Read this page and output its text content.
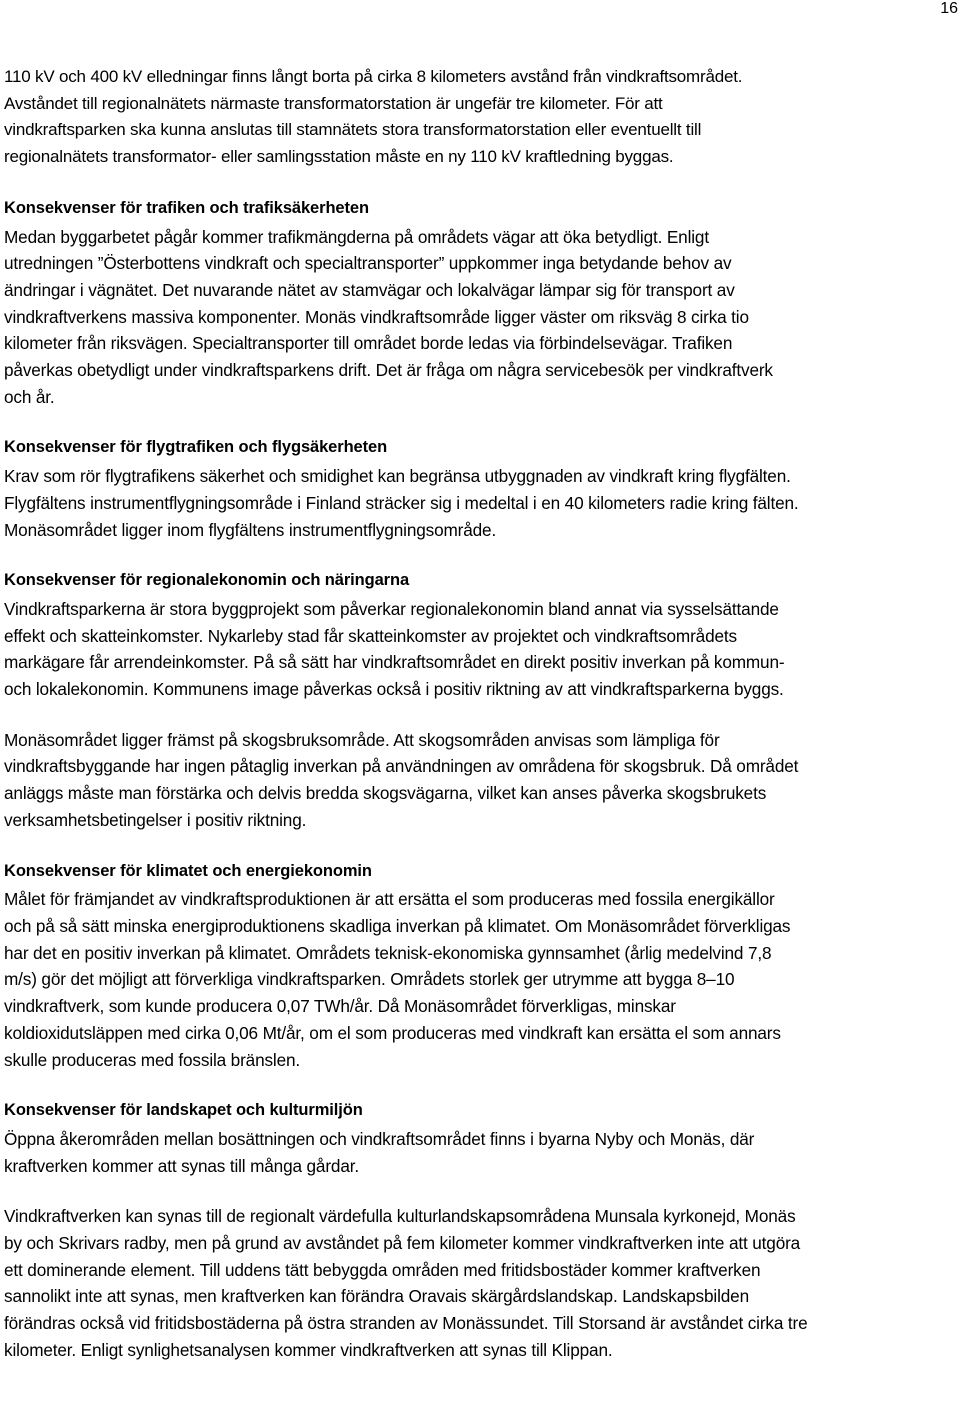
16

110 kV och 400 kV elledningar finns långt borta på cirka 8 kilometers avstånd från vindkraftsområdet.
Avståndet till regionalnätets närmaste transformatorstation är ungefär tre kilometer. För att
vindkraftsparken ska kunna anslutas till stamnätets stora transformatorstation eller eventuellt till
regionalnätets transformator- eller samlingsstation måste en ny 110 kV kraftledning byggas.

Konsekvenser för trafiken och trafiksäkerheten

Medan byggarbetet pågår kommer trafikmängderna på områdets vägar att öka betydligt. Enligt
utredningen ”Österbottens vindkraft och specialtransporter” uppkommer inga betydande behov av
ändringar i vägnätet. Det nuvarande nätet av stamvägar och lokalvägar lämpar sig för transport av
vindkraftverkens massiva komponenter. Monäs vindkraftsområde ligger väster om riksväg 8 cirka tio
kilometer från riksvägen. Specialtransporter till området borde ledas via förbindelsevägar. Trafiken
påverkas obetydligt under vindkraftsparkens drift. Det är fråga om några servicebesök per vindkraftverk
och år.

Konsekvenser för flygtrafiken och flygsäkerheten

Krav som rör flygtrafikens säkerhet och smidighet kan begränsa utbyggnaden av vindkraft kring flygfälten.
Flygfältens instrumentflygningsområde i Finland sträcker sig i medeltal i en 40 kilometers radie kring fälten.
Monäsområdet ligger inom flygfältens instrumentflygningsområde.

Konsekvenser för regionalekonomin och näringarna

Vindkraftsparkerna är stora byggprojekt som påverkar regionalekonomin bland annat via sysselsättande
effekt och skatteinkomster. Nykarleby stad får skatteinkomster av projektet och vindkraftsområdets
markägare får arrendeinkomster. På så sätt har vindkraftsområdet en direkt positiv inverkan på kommun-
och lokalekonomin. Kommunens image påverkas också i positiv riktning av att vindkraftsparkerna byggs.

Monäsområdet ligger främst på skogsbruksområde. Att skogsområden anvisas som lämpliga för
vindkraftsbyggande har ingen påtaglig inverkan på användningen av områdena för skogsbruk. Då området
anläggs måste man förstärka och delvis bredda skogsvägarna, vilket kan anses påverka skogsbrukets
verksamhetsbetingelser i positiv riktning.

Konsekvenser för klimatet och energiekonomin

Målet för främjandet av vindkraftsproduktionen är att ersätta el som produceras med fossila energikällor
och på så sätt minska energiproduktionens skadliga inverkan på klimatet. Om Monäsområdet förverkligas
har det en positiv inverkan på klimatet. Områdets teknisk-ekonomiska gynnsamhet (årlig medelvind 7,8
m/s) gör det möjligt att förverkliga vindkraftsparken. Områdets storlek ger utrymme att bygga 8–10
vindkraftverk, som kunde producera 0,07 TWh/år. Då Monäsområdet förverkligas, minskar
koldioxidutsläppen med cirka 0,06 Mt/år, om el som produceras med vindkraft kan ersätta el som annars
skulle produceras med fossila bränslen.

Konsekvenser för landskapet och kulturmiljön

Öppna åkerområden mellan bosättningen och vindkraftsområdet finns i byarna Nyby och Monäs, där
kraftverken kommer att synas till många gårdar.

Vindkraftverken kan synas till de regionalt värdefulla kulturlandskapsområdena Munsala kyrkonejd, Monäs
by och Skrivars radby, men på grund av avståndet på fem kilometer kommer vindkraftverken inte att utgöra
ett dominerande element. Till uddens tätt bebyggda områden med fritidsbostäder kommer kraftverken
sannolikt inte att synas, men kraftverken kan förändra Oravais skärgårdslandskap. Landskapsbilden
förändras också vid fritidsbostäderna på östra stranden av Monässundet. Till Storsand är avståndet cirka tre
kilometer. Enligt synlighetsanalysen kommer vindkraftverken att synas till Klippan.
